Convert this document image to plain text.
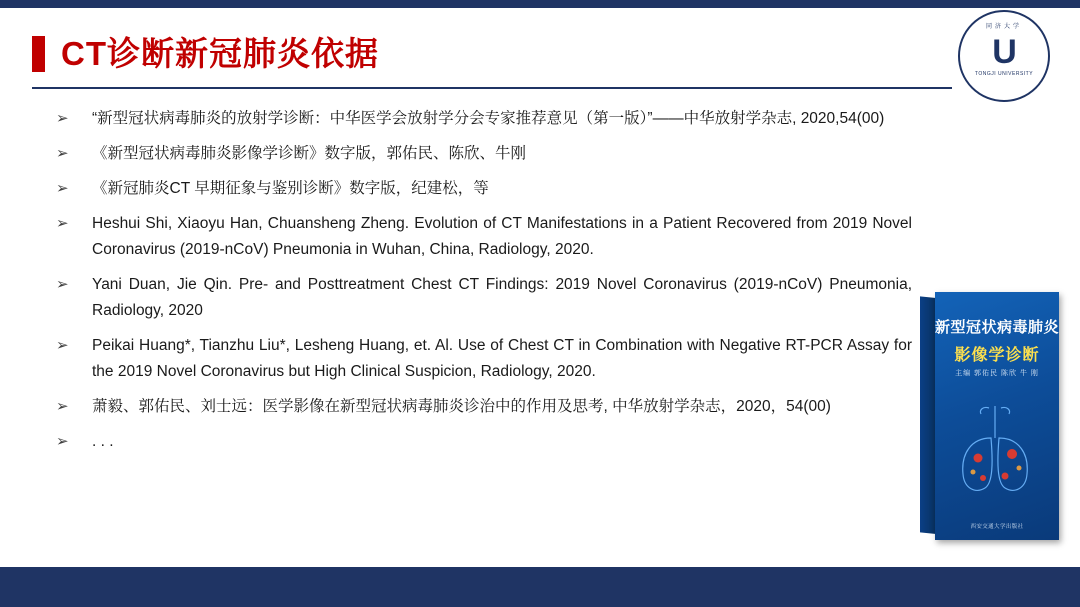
CT诊断新冠肺炎依据
同济大学
U
TONGJI UNIVERSITY
➢	“新型冠状病毒肺炎的放射学诊断：中华医学会放射学分会专家推荐意见（第一版）”——中华放射学杂志, 2020,54(00)
➢	《新型冠状病毒肺炎影像学诊断》数字版，郭佑民、陈欣、牛刚
➢	《新冠肺炎CT 早期征象与鉴别诊断》数字版，纪建松，等
➢	Heshui Shi, Xiaoyu Han, Chuansheng Zheng. Evolution of CT Manifestations in a Patient Recovered from 2019 Novel Coronavirus (2019-nCoV) Pneumonia in Wuhan, China, Radiology, 2020.
➢	Yani Duan, Jie Qin. Pre- and Posttreatment Chest CT Findings: 2019 Novel Coronavirus (2019-nCoV) Pneumonia, Radiology, 2020
➢	Peikai Huang*, Tianzhu Liu*, Lesheng Huang, et. Al. Use of Chest CT in Combination with Negative RT-PCR Assay for the 2019 Novel Coronavirus but High Clinical Suspicion, Radiology, 2020.
➢	萧毅、郭佑民、刘士远：医学影像在新型冠状病毒肺炎诊治中的作用及思考, 中华放射学杂志，2020，54(00)
➢	. . .
新型冠状病毒肺炎
影像学诊断
主编 郭佑民 陈欣 牛 刚
西安交通大学出版社
